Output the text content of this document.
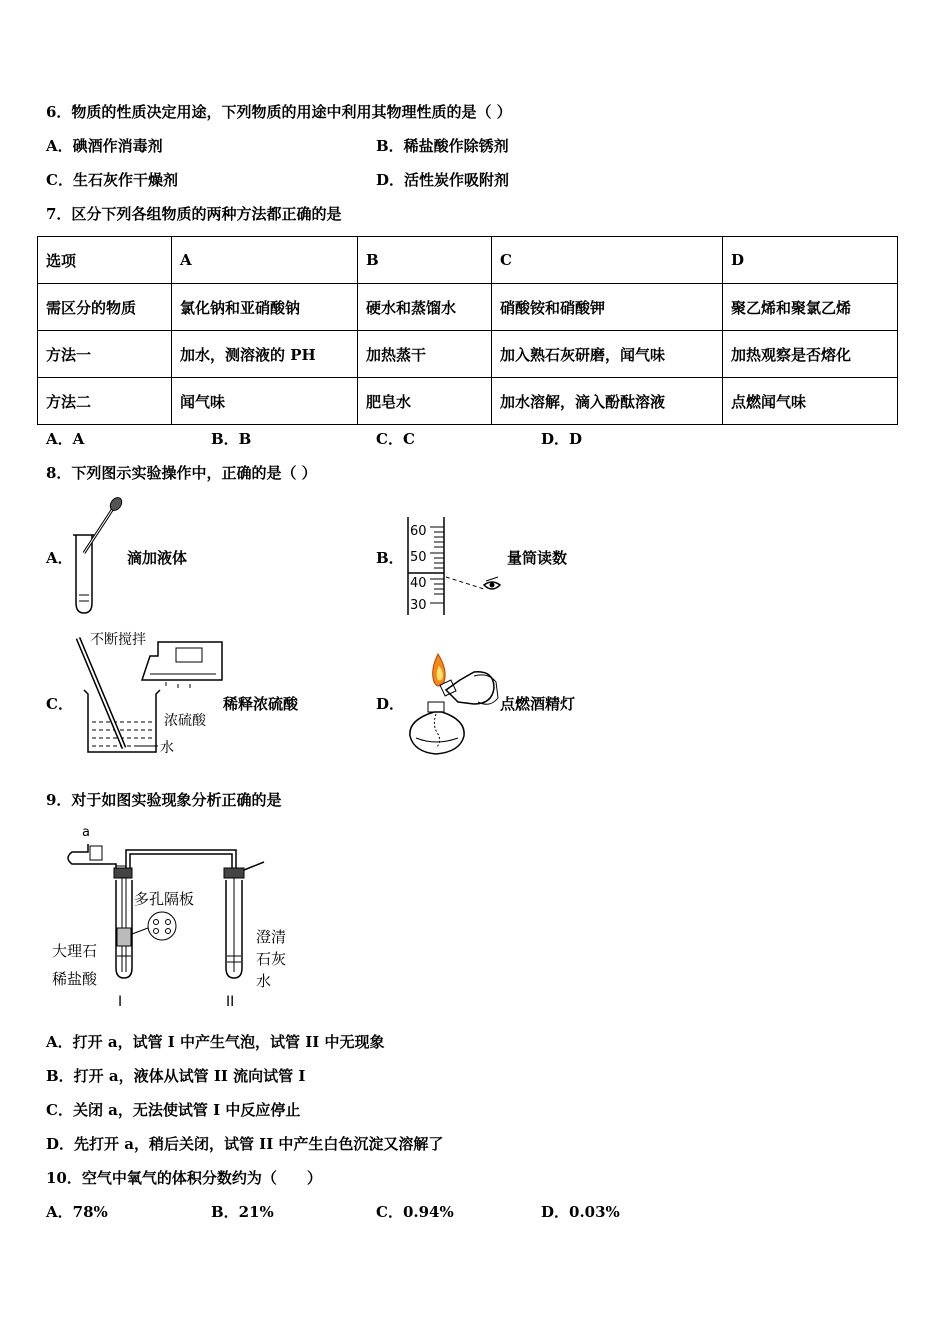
6．物质的性质决定用途，下列物质的用途中利用其物理性质的是（ ）
A．碘酒作消毒剂	B．稀盐酸作除锈剂
C．生石灰作干燥剂	D．活性炭作吸附剂
7．区分下列各组物质的两种方法都正确的是
选项	A	B	C	D
需区分的物质	氯化钠和亚硝酸钠	硬水和蒸馏水	硝酸铵和硝酸钾	聚乙烯和聚氯乙烯
方法一	加水，测溶液的 PH	加热蒸干	加入熟石灰研磨，闻气味	加热观察是否熔化
方法二	闻气味	肥皂水	加水溶解，滴入酚酞溶液	点燃闻气味
A．A	B．B	C．C	D．D
8．下列图示实验操作中，正确的是（ ）
A．	滴加液体	B．
60
50
40
30
量筒读数
C．
不断搅拌
浓硫酸
水
稀释浓硫酸	D．	点燃酒精灯
9．对于如图实验现象分析正确的是
a
多孔隔板
大理石
稀盐酸
澄清
石灰
水
I	II
A．打开 a，试管 I 中产生气泡，试管 II 中无现象
B．打开 a，液体从试管 II 流向试管 I
C．关闭 a，无法使试管 I 中反应停止
D．先打开 a，稍后关闭，试管 II 中产生白色沉淀又溶解了
10．空气中氧气的体积分数约为（　　）
A．78%	B．21%	C．0.94%	D．0.03%
